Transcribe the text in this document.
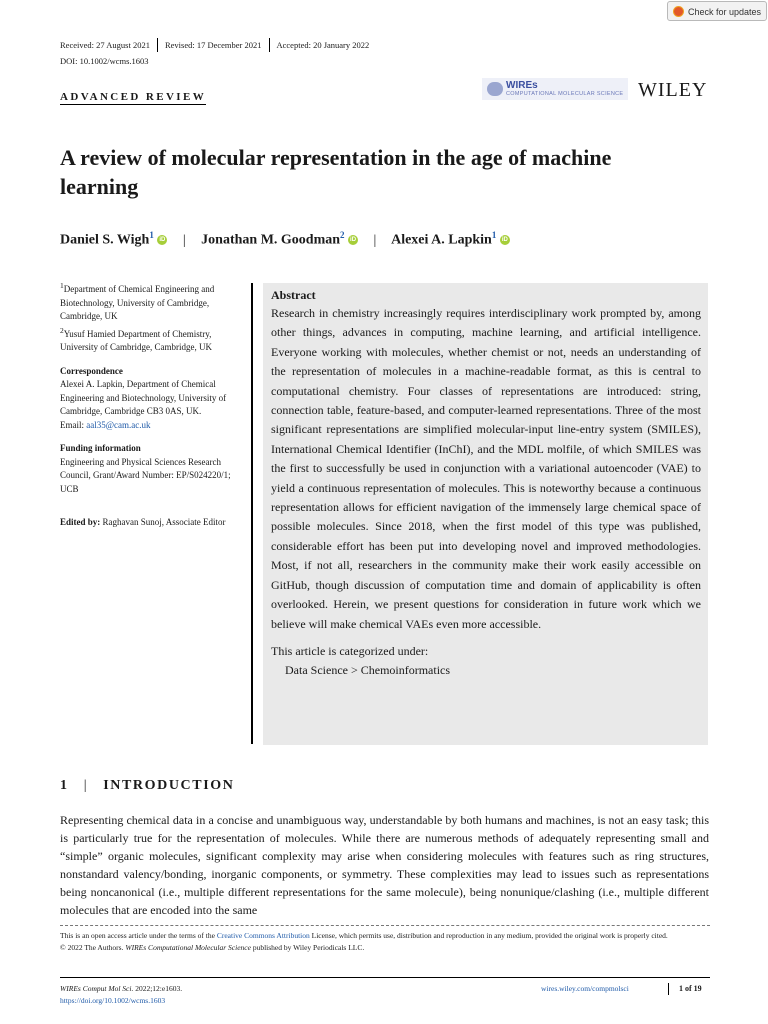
Check for updates
Received: 27 August 2021 Revised: 17 December 2021 Accepted: 20 January 2022
DOI: 10.1002/wcms.1603
ADVANCED REVIEW
WIREs
COMPUTATIONAL MOLECULAR SCIENCE WILEY
A review of molecular representation in the age of machine learning
Daniel S. Wigh$^1$ iD | Jonathan M. Goodman$^2$ iD | Alexei A. Lapkin$^1$ iD

$^1$Department of Chemical Engineering and Biotechnology, University of Cambridge, Cambridge, UK

$^2$Yusuf Hamied Department of Chemistry, University of Cambridge, Cambridge, UK

Correspondence

Alexei A. Lapkin, Department of Chemical Engineering and Biotechnology, University of Cambridge, Cambridge CB3 0AS, UK.

Email: aal35@cam.ac.uk

Funding information

Engineering and Physical Sciences Research Council, Grant/Award Number: EP/S024220/1; UCB

Edited by: Raghavan Sunoj, Associate Editor

Abstract

Research in chemistry increasingly requires interdisciplinary work prompted by, among other things, advances in computing, machine learning, and artificial intelligence. Everyone working with molecules, whether chemist or not, needs an understanding of the representation of molecules in a machine-readable format, as this is central to computational chemistry. Four classes of representations are introduced: string, connection table, feature-based, and computer-learned representations. Three of the most significant representations are simplified molecular-input line-entry system (SMILES), International Chemical Identifier (InChI), and the MDL molfile, of which SMILES was the first to successfully be used in conjunction with a variational autoencoder (VAE) to yield a continuous representation of molecules. This is noteworthy because a continuous representation allows for efficient navigation of the immensely large chemical space of possible molecules. Since 2018, when the first model of this type was published, considerable effort has been put into developing novel and improved methodologies. Most, if not all, researchers in the community make their work easily accessible on GitHub, though discussion of computation time and domain of applicability is often overlooked. Herein, we present questions for consideration in future work which we believe will make chemical VAEs even more accessible.

This article is categorized under:

Data Science > Chemoinformatics

1 | INTRODUCTION

Representing chemical data in a concise and unambiguous way, understandable by both humans and machines, is not an easy task; this is particularly true for the representation of molecules. While there are numerous methods of adequately representing small and “simple” organic molecules, significant complexity may arise when considering molecules with features such as ring structures, nonstandard valency/bonding, inorganic components, or symmetry. These complexities may lead to issues such as representations being noncanonical (i.e., multiple different representations for the same molecule), being nonunique/clashing (i.e., multiple different molecules that are encoded into the same

This is an open access article under the terms of the Creative Commons Attribution License, which permits use, distribution and reproduction in any medium, provided the original work is properly cited.
© 2022 The Authors. WIREs Computational Molecular Science published by Wiley Periodicals LLC.
WIREs Comput Mol Sci. 2022;12:e1603.
https://doi.org/10.1002/wcms.1603
wires.wiley.com/compmolsci	1 of 19
